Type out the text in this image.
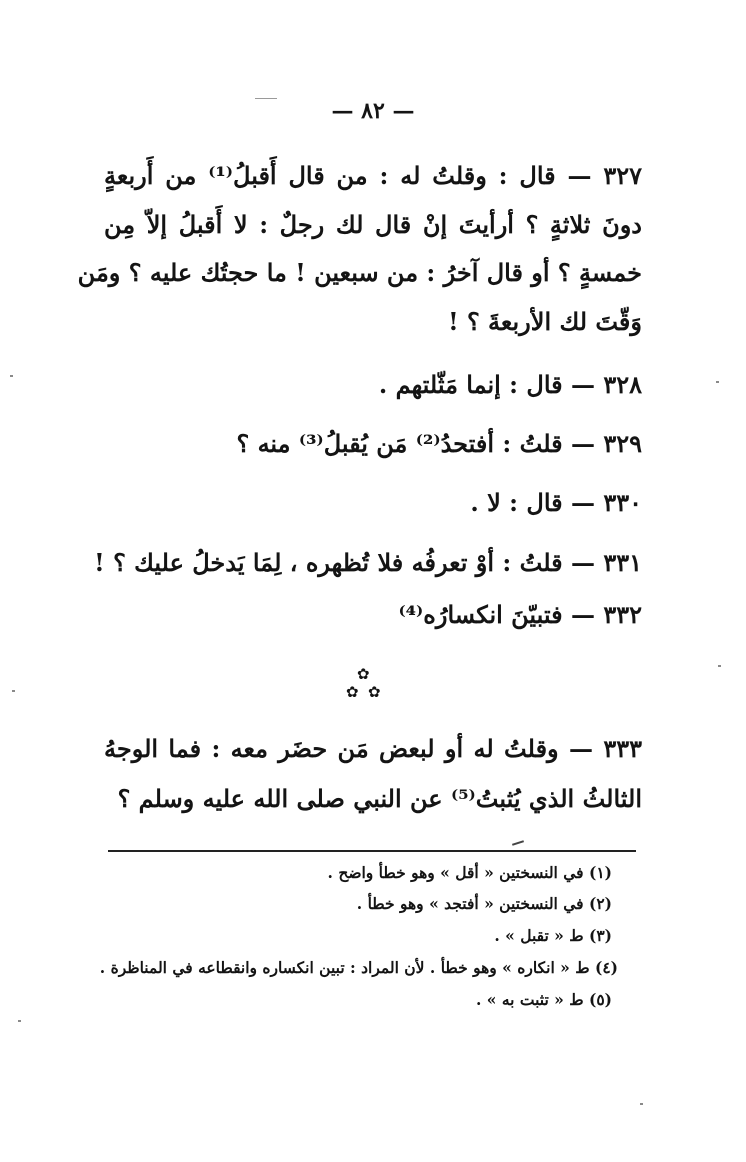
— ٨٢ —
٣٢٧ — قال : وقلتُ له : من قال أَقبلُ⁽¹⁾ من أَربعةٍ
دونَ ثلاثةٍ ؟ أرأيتَ إنْ قال لك رجلٌ : لا أَقبلُ إلاّ مِن
خمسةٍ ؟ أو قال آخرُ : من سبعين ! ما حجتُك عليه ؟ ومَن
وَقّتَ لك الأربعةَ ؟ !
٣٢٨ — قال : إنما مَثّلتهم .
٣٢٩ — قلتُ : أفتحدُ⁽²⁾ مَن يُقبلُ⁽³⁾ منه ؟
٣٣٠ — قال : لا .
٣٣١ — قلتُ : أوْ تعرفُه فلا تُظهره ، لِمَا يَدخلُ عليك ؟ !
٣٣٢ — فتبيّنَ انكسارُه⁽⁴⁾
✿
✿ ✿
٣٣٣ — وقلتُ له أو لبعض مَن حضَر معه : فما الوجهُ
الثالثُ الذي يُثبتُ⁽⁵⁾ عن النبي صلى الله عليه وسلم ؟
(١) في النسختين « أقل » وهو خطأ واضح .
(٢) في النسختين « أفتجد » وهو خطأ .
(٣) ط « تقبل » .
(٤) ط « انكاره » وهو خطأ . لأن المراد : تبين انكساره وانقطاعه في المناظرة .
(٥) ط « تثبت به » .
